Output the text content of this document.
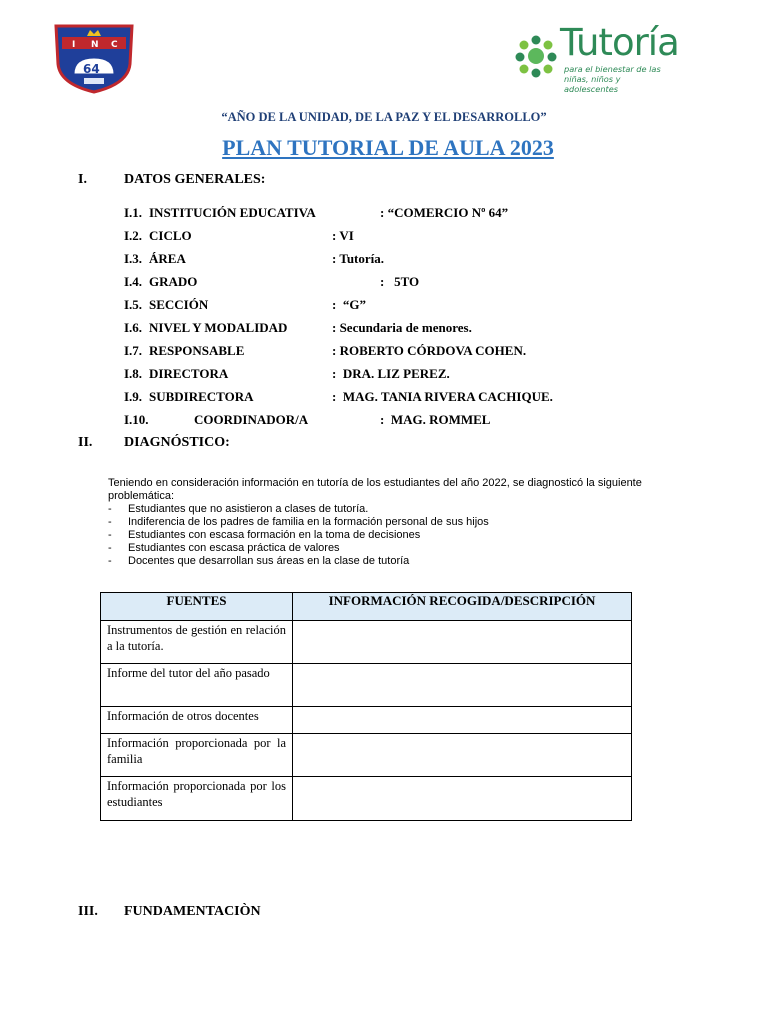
I N C
64
Tutoría
para el bienestar de las niñas, niños y adolescentes
“AÑO DE LA UNIDAD, DE LA PAZ Y EL DESARROLLO”
PLAN TUTORIAL DE AULA 2023
I.	DATOS GENERALES:
I.1. INSTITUCIÓN EDUCATIVA	: “COMERCIO Nº 64”
I.2. CICLO	: VI
I.3. ÁREA	: Tutoría.
I.4. GRADO	:   5TO
I.5. SECCIÓN	:  “G”
I.6. NIVEL Y MODALIDAD	: Secundaria de menores.
I.7. RESPONSABLE	: ROBERTO CÓRDOVA COHEN.
I.8. DIRECTORA	:  DRA. LIZ PEREZ.
I.9. SUBDIRECTORA	:  MAG. TANIA RIVERA CACHIQUE.
I.10.	COORDINADOR/A	:  MAG. ROMMEL
II. DIAGNÓSTICO:
Teniendo en consideración información en tutoría de los estudiantes del año 2022, se diagnosticó la siguiente problemática:
- Estudiantes que no asistieron a clases de tutoría.
- Indiferencia de los padres de familia en la formación personal de sus hijos
- Estudiantes con escasa formación en la toma de decisiones
- Estudiantes con escasa práctica de valores
- Docentes que desarrollan sus áreas en la clase de tutoría
FUENTES	INFORMACIÓN RECOGIDA/DESCRIPCIÓN
Instrumentos de gestión en relación a la tutoría.	
Informe del tutor del año pasado	
Información de otros docentes	
Información proporcionada por la familia	
Información proporcionada por los estudiantes	
III. FUNDAMENTACIÒN
